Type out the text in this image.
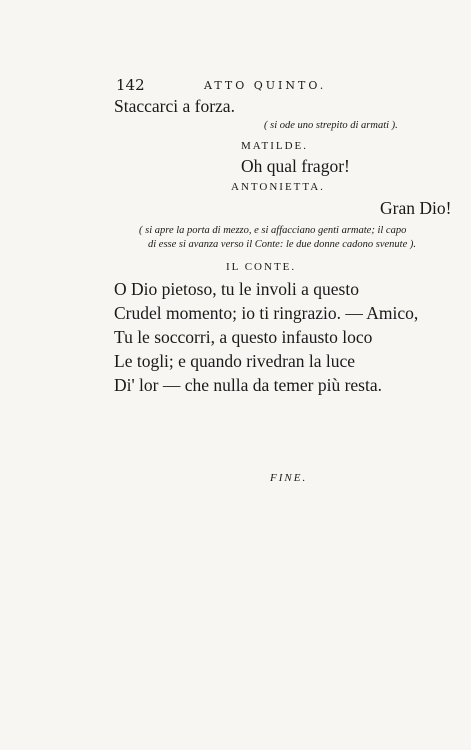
142	ATTO QUINTO.
Staccarci a forza.
( si ode uno strepito di armati ).
MATILDE.
Oh qual fragor!
ANTONIETTA.
Gran Dio!
( si apre la porta di mezzo, e si affacciano genti armate; il capo
di esse si avanza verso il Conte: le due donne cadono svenute ).
IL CONTE.
O Dio pietoso, tu le involi a questo
Crudel momento; io ti ringrazio. — Amico,
Tu le soccorri, a questo infausto loco
Le togli; e quando rivedran la luce
Di' lor — che nulla da temer più resta.
FINE.
